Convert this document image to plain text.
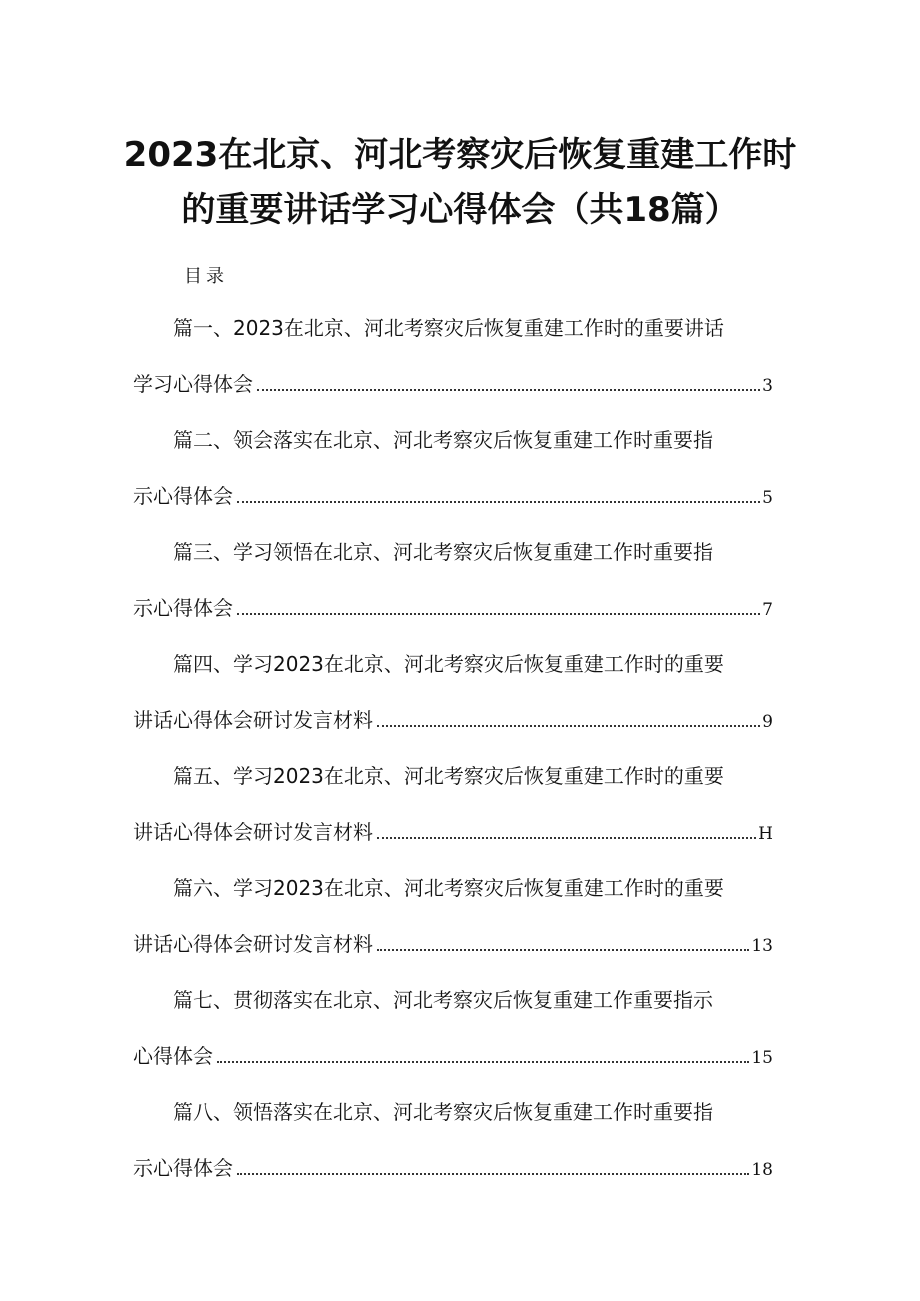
2023在北京、河北考察灾后恢复重建工作时
的重要讲话学习心得体会（共18篇）
目录
篇一、2023在北京、河北考察灾后恢复重建工作时的重要讲话
学习心得体会	3
篇二、领会落实在北京、河北考察灾后恢复重建工作时重要指
示心得体会	5
篇三、学习领悟在北京、河北考察灾后恢复重建工作时重要指
示心得体会	7
篇四、学习2023在北京、河北考察灾后恢复重建工作时的重要
讲话心得体会研讨发言材料	9
篇五、学习2023在北京、河北考察灾后恢复重建工作时的重要
讲话心得体会研讨发言材料	H
篇六、学习2023在北京、河北考察灾后恢复重建工作时的重要
讲话心得体会研讨发言材料	13
篇七、贯彻落实在北京、河北考察灾后恢复重建工作重要指示
心得体会	15
篇八、领悟落实在北京、河北考察灾后恢复重建工作时重要指
示心得体会	18
